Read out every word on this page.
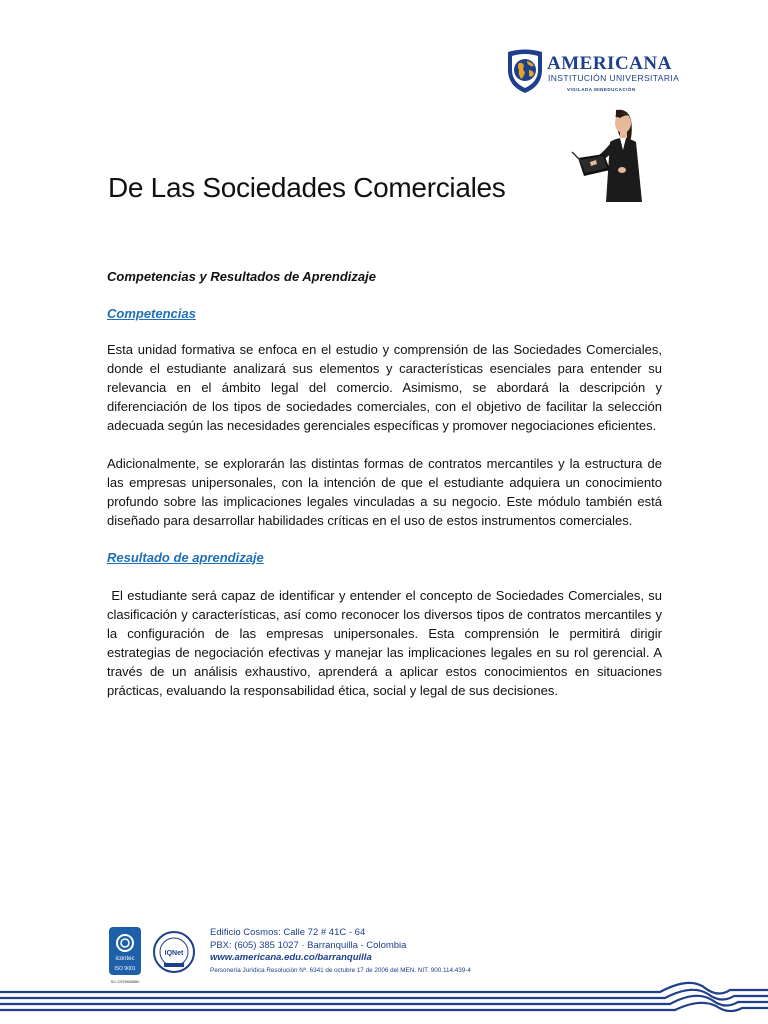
AMERICANA
INSTITUCIÓN UNIVERSITARIA
VIGILADA MINEDUCACIÓN
De Las Sociedades Comerciales
Competencias y Resultados de Aprendizaje
Competencias

Esta unidad formativa se enfoca en el estudio y comprensión de las Sociedades Comerciales, donde el estudiante analizará sus elementos y características esenciales para entender su relevancia en el ámbito legal del comercio. Asimismo, se abordará la descripción y diferenciación de los tipos de sociedades comerciales, con el objetivo de facilitar la selección adecuada según las necesidades gerenciales específicas y promover negociaciones eficientes.

Adicionalmente, se explorarán las distintas formas de contratos mercantiles y la estructura de las empresas unipersonales, con la intención de que el estudiante adquiera un conocimiento profundo sobre las implicaciones legales vinculadas a su negocio. Este módulo también está diseñado para desarrollar habilidades críticas en el uso de estos instrumentos comerciales.

Resultado de aprendizaje

El estudiante será capaz de identificar y entender el concepto de Sociedades Comerciales, su clasificación y características, así como reconocer los diversos tipos de contratos mercantiles y la configuración de las empresas unipersonales. Esta comprensión le permitirá dirigir estrategias de negociación efectivas y manejar las implicaciones legales en su rol gerencial. A través de un análisis exhaustivo, aprenderá a aplicar estos conocimientos en situaciones prácticas, evaluando la responsabilidad ética, social y legal de sus decisiones.

icontec
ISO 9001
SC-CER988880
IQNet
Edificio Cosmos: Calle 72 # 41C - 64
PBX: (605) 385 1027 · Barranquilla - Colombia
www.americana.edu.co/barranquilla
Personería Jurídica Resolución Nº. 6341 de octubre 17 de 2006 del MEN. NIT. 900.114.439-4
